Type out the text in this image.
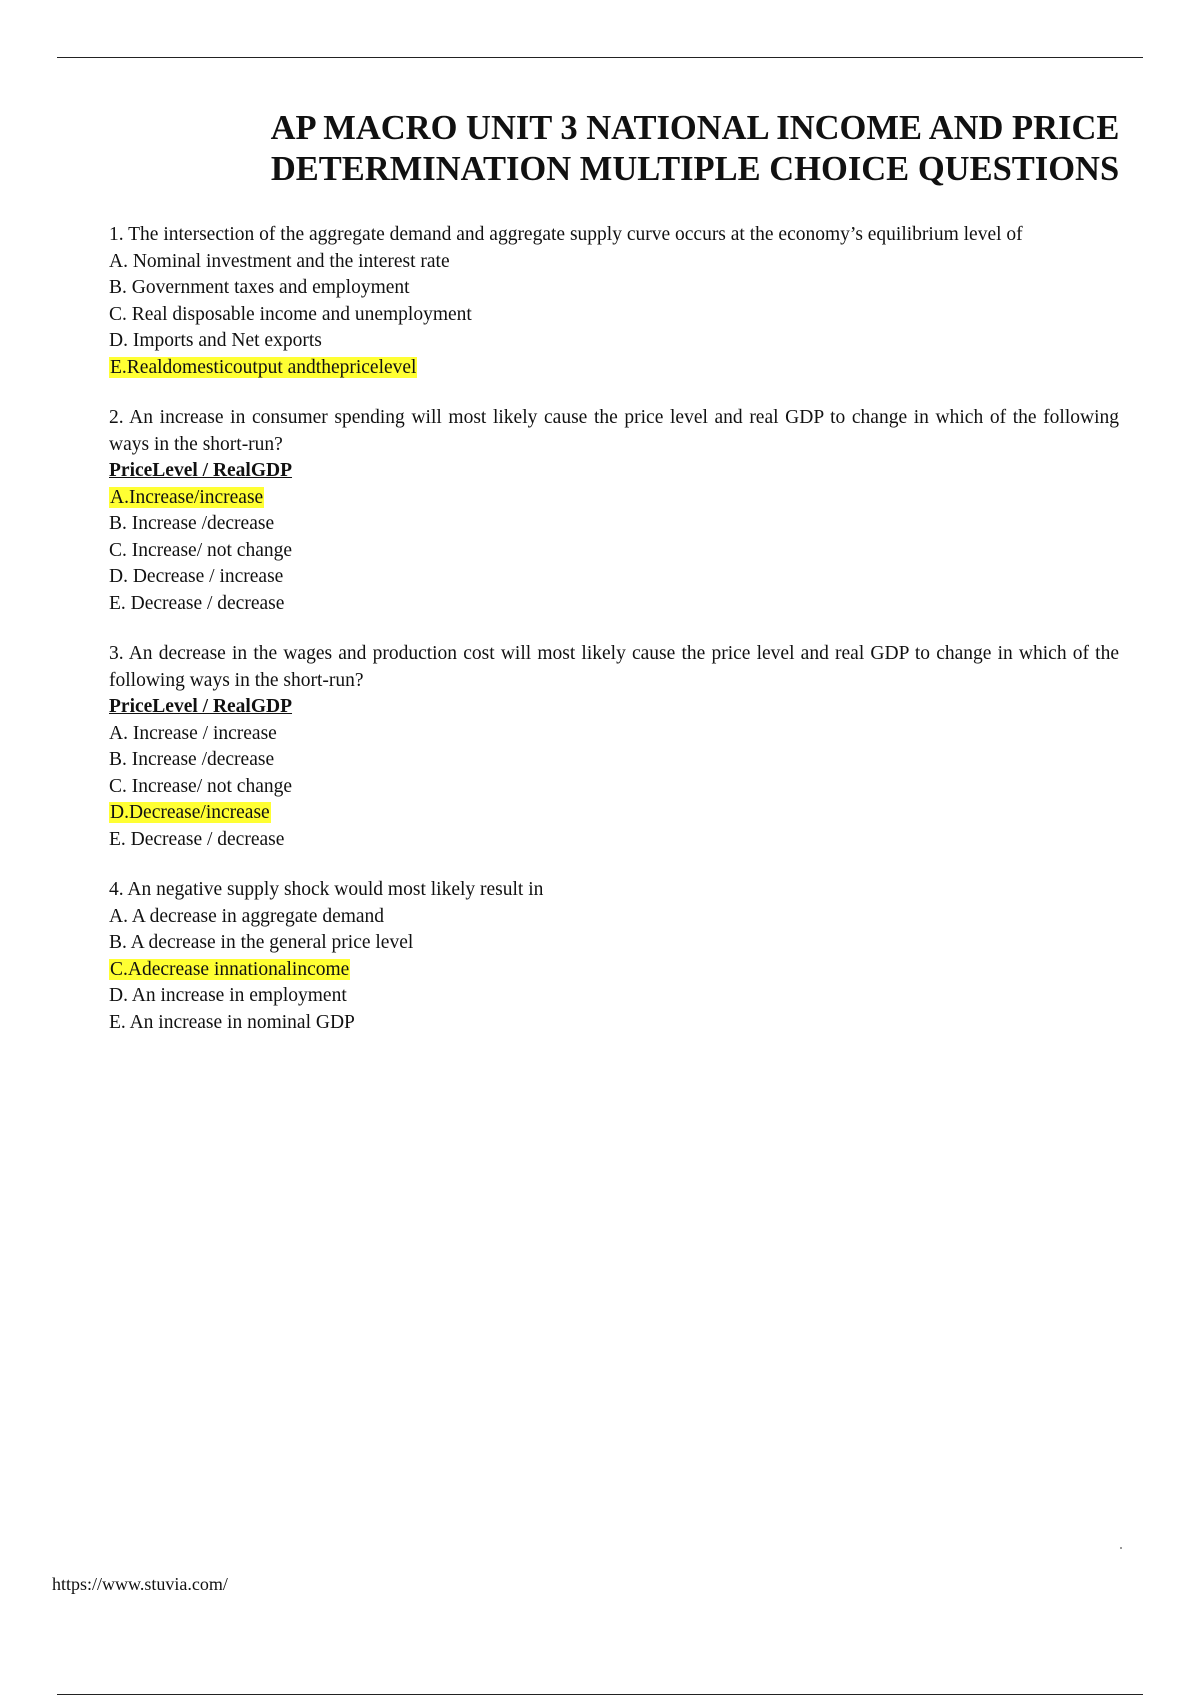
AP MACRO UNIT 3 NATIONAL INCOME AND PRICE
DETERMINATION MULTIPLE CHOICE QUESTIONS

1. The intersection of the aggregate demand and aggregate supply curve occurs at the economy’s equilibrium level of

A. Nominal investment and the interest rate
B. Government taxes and employment
C. Real disposable income and unemployment
D. Imports and Net exports
E.Realdomesticoutput andthepricelevel

2. An increase in consumer spending will most likely cause the price level and real GDP to change in which of the following ways in the short-run?

PriceLevel / RealGDP

A.Increase/increase
B. Increase /decrease
C. Increase/ not change
D. Decrease / increase
E. Decrease / decrease

3. An decrease in the wages and production cost will most likely cause the price level and real GDP to change in which of the following ways in the short-run?

PriceLevel / RealGDP

A. Increase / increase
B. Increase /decrease
C. Increase/ not change
D.Decrease/increase
E. Decrease / decrease

4. An negative supply shock would most likely result in

A. A decrease in aggregate demand
B. A decrease in the general price level
C.Adecrease innationalincome
D. An increase in employment
E. An increase in nominal GDP

https://www.stuvia.com/
